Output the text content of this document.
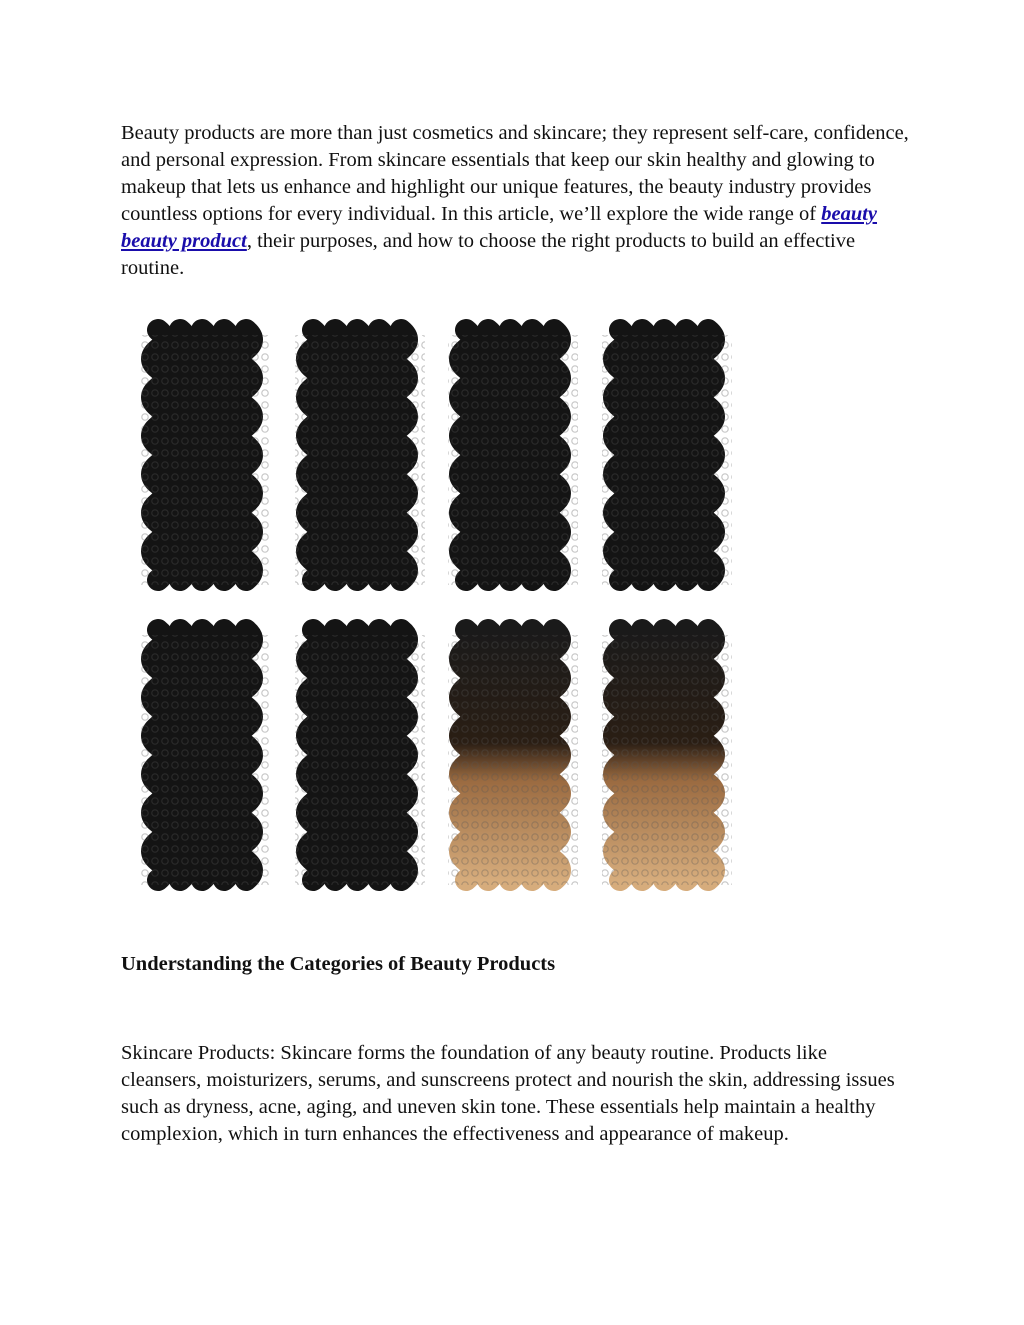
Beauty products are more than just cosmetics and skincare; they represent self-care, confidence, and personal expression. From skincare essentials that keep our skin healthy and glowing to makeup that lets us enhance and highlight our unique features, the beauty industry provides countless options for every individual. In this article, we’ll explore the wide range of beauty beauty product, their purposes, and how to choose the right products to build an effective routine.

Understanding the Categories of Beauty Products

Skincare Products: Skincare forms the foundation of any beauty routine. Products like cleansers, moisturizers, serums, and sunscreens protect and nourish the skin, addressing issues such as dryness, acne, aging, and uneven skin tone. These essentials help maintain a healthy complexion, which in turn enhances the effectiveness and appearance of makeup.
